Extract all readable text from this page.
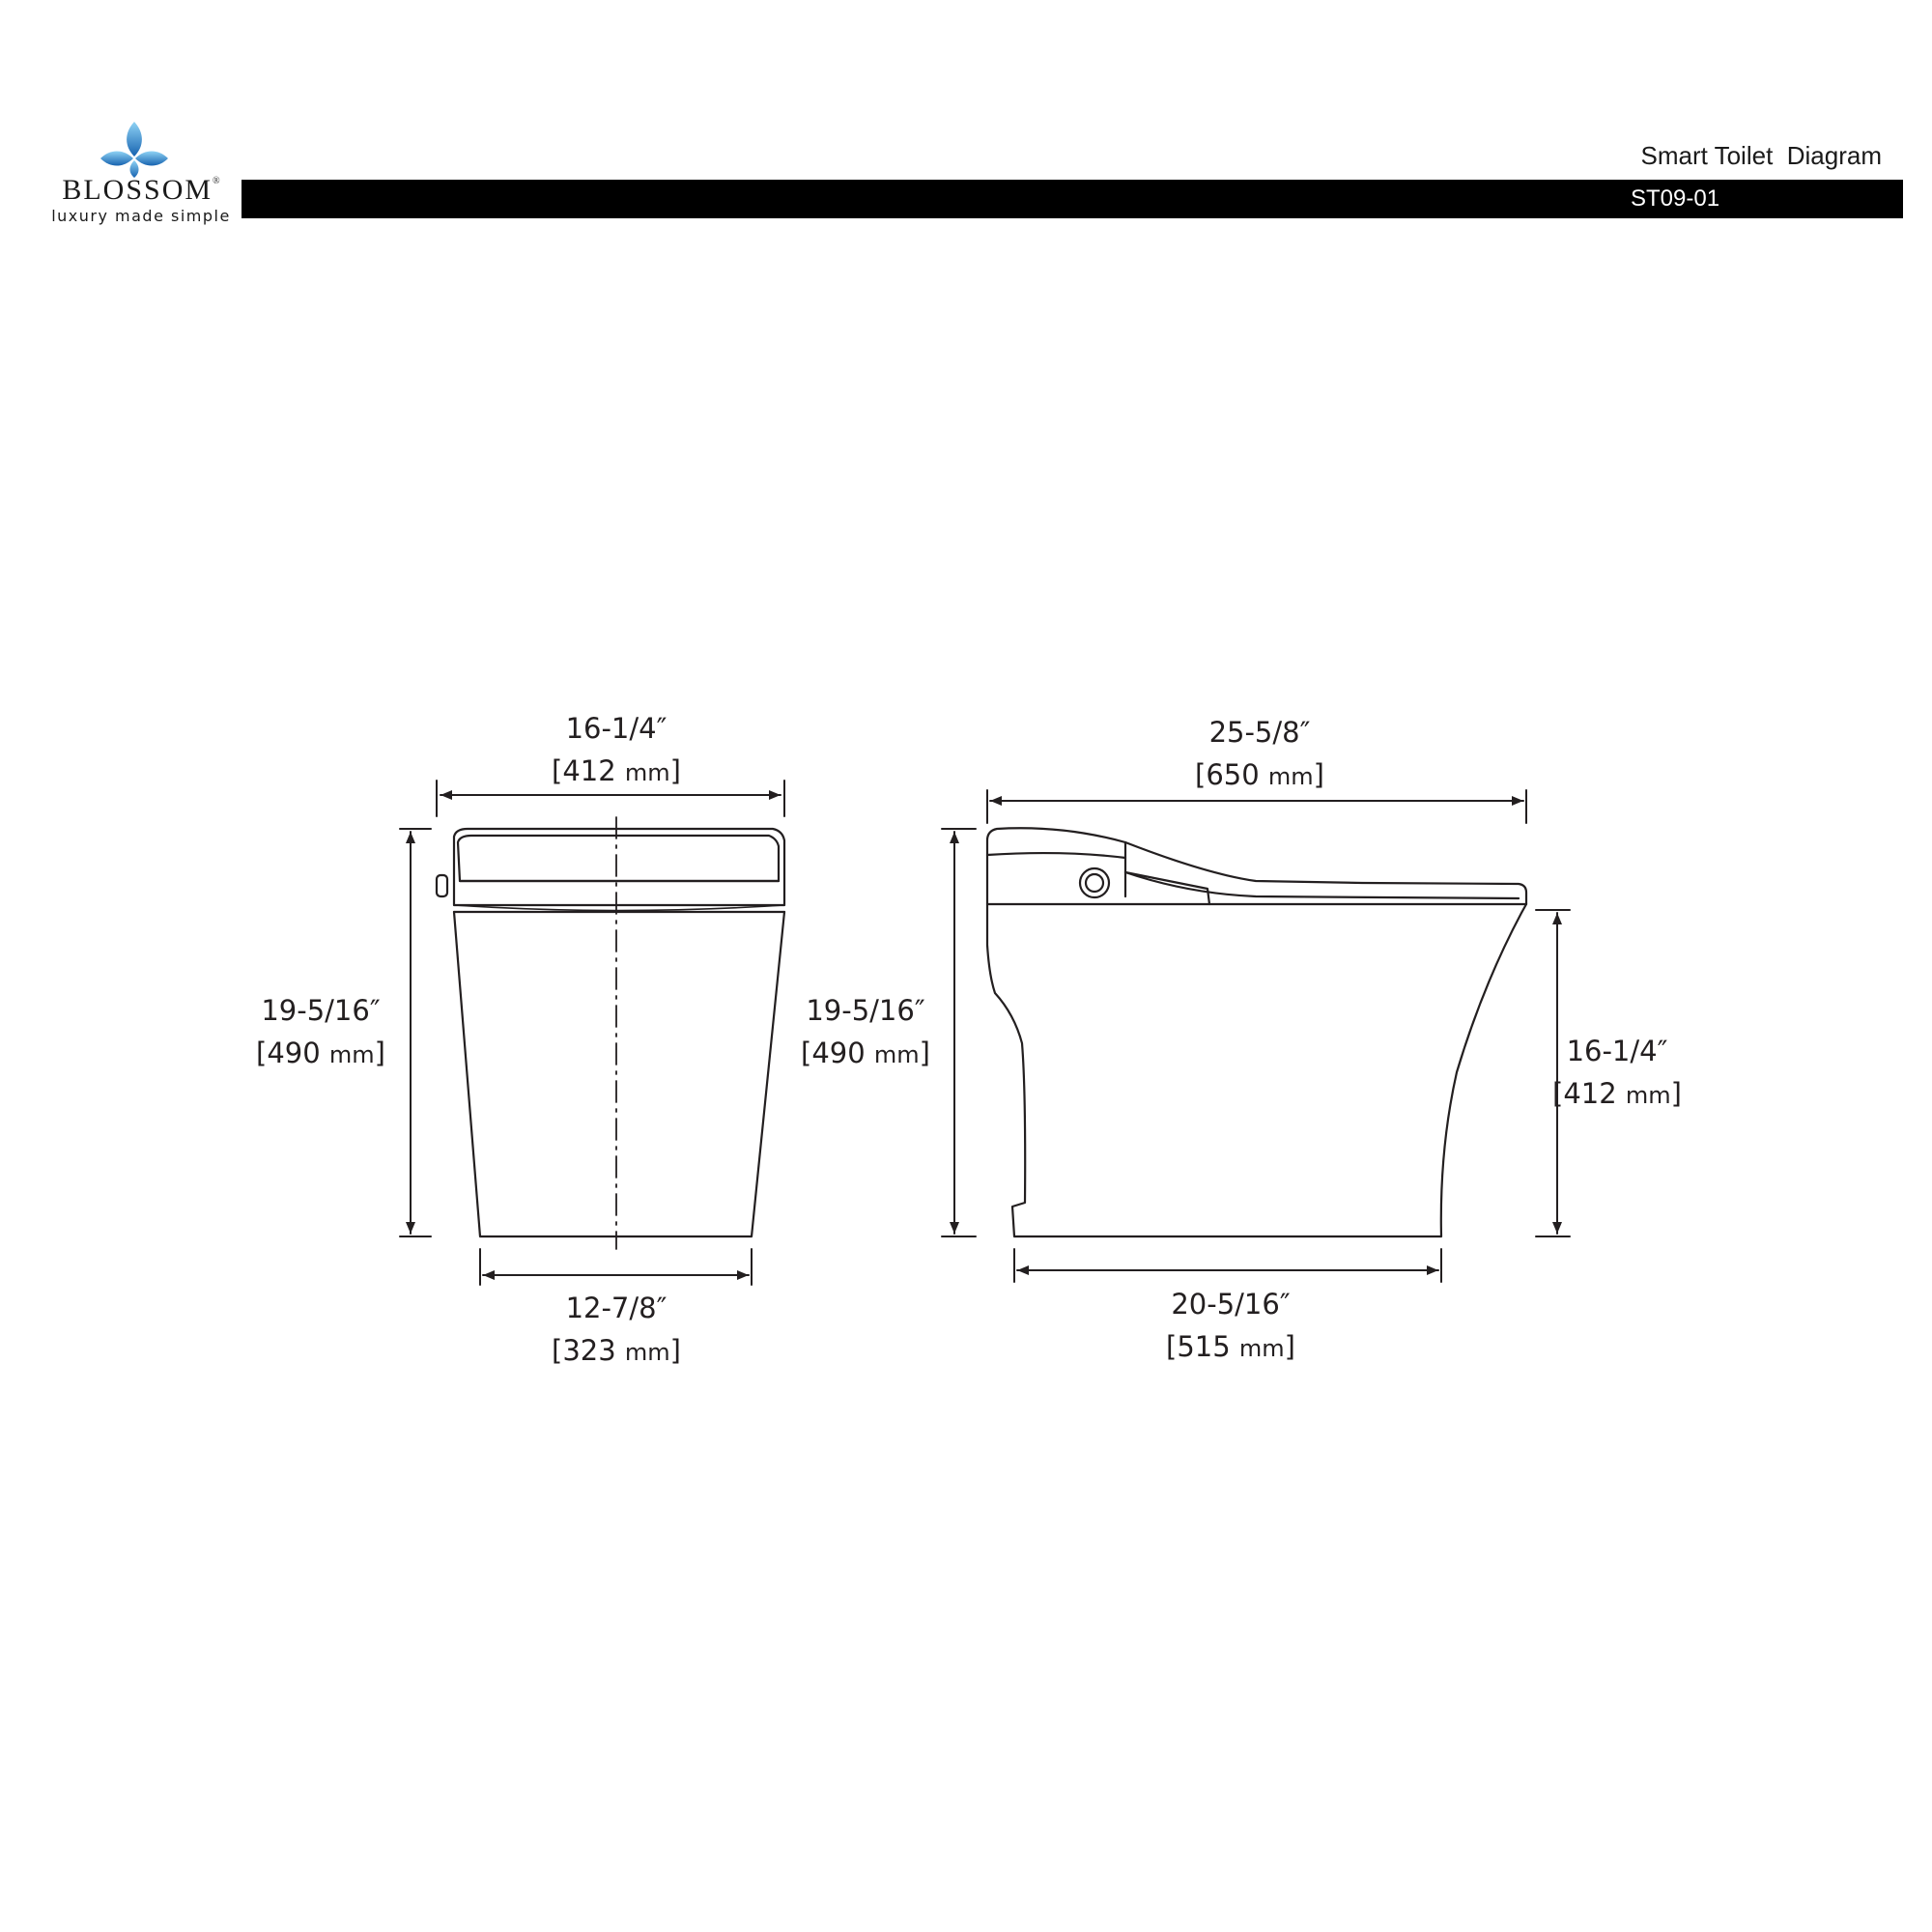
BLOSSOM®
luxury made simple
Smart Toilet  Diagram
ST09-01
16-1/4″
[412 mm]
19-5/16″
[490 mm]
12-7/8″
[323 mm]
25-5/8″
[650 mm]
19-5/16″
[490 mm]	16-1/4″
[412 mm]
20-5/16″
[515 mm]
